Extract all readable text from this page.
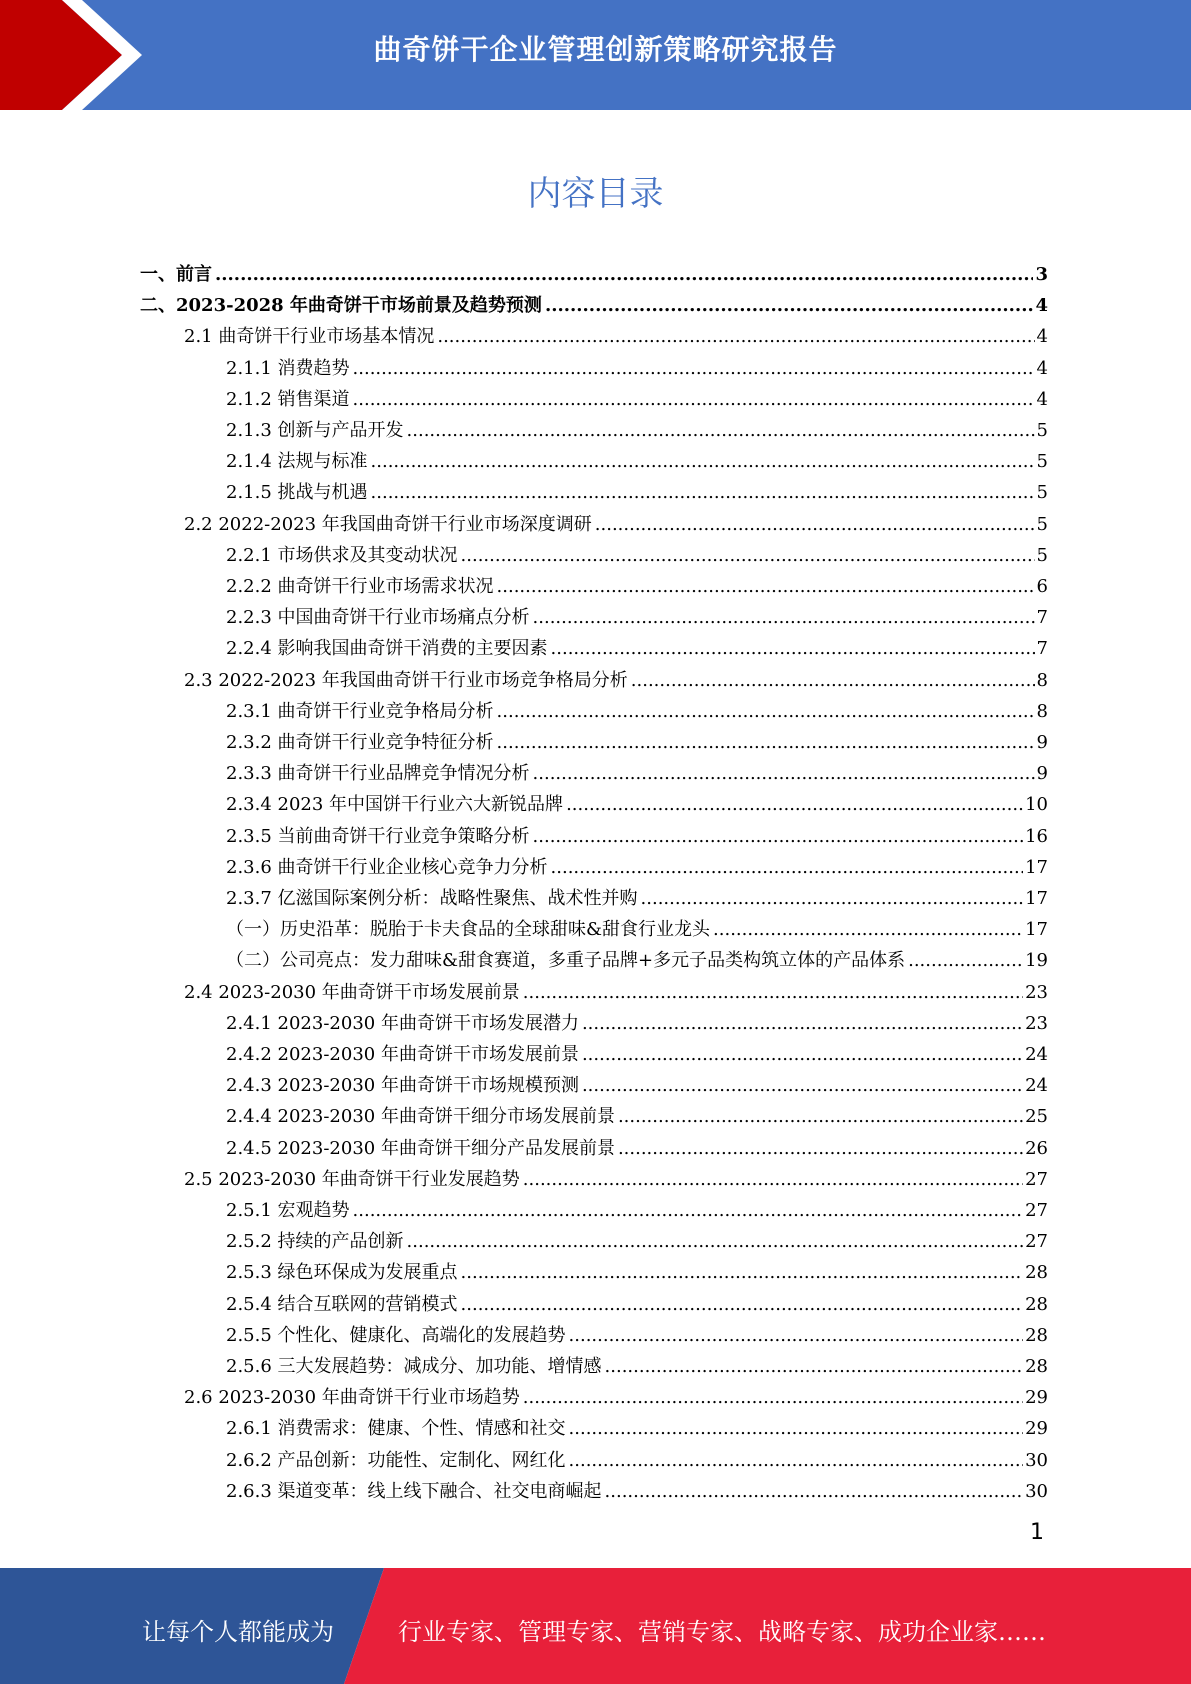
曲奇饼干企业管理创新策略研究报告
内容目录
一、前言 .....	3
二、2023-2028 年曲奇饼干市场前景及趋势预测 .....	4
2.1 曲奇饼干行业市场基本情况 .....	4
2.1.1 消费趋势 .....	4
2.1.2 销售渠道 .....	4
2.1.3 创新与产品开发 .....	5
2.1.4 法规与标准 .....	5
2.1.5 挑战与机遇 .....	5
2.2 2022-2023 年我国曲奇饼干行业市场深度调研 .....	5
2.2.1 市场供求及其变动状况 .....	5
2.2.2 曲奇饼干行业市场需求状况 .....	6
2.2.3 中国曲奇饼干行业市场痛点分析 .....	7
2.2.4 影响我国曲奇饼干消费的主要因素 .....	7
2.3 2022-2023 年我国曲奇饼干行业市场竞争格局分析 .....	8
2.3.1 曲奇饼干行业竞争格局分析 .....	8
2.3.2 曲奇饼干行业竞争特征分析 .....	9
2.3.3 曲奇饼干行业品牌竞争情况分析 .....	9
2.3.4 2023 年中国饼干行业六大新锐品牌 .....	10
2.3.5 当前曲奇饼干行业竞争策略分析 .....	16
2.3.6 曲奇饼干行业企业核心竞争力分析 .....	17
2.3.7 亿滋国际案例分析：战略性聚焦、战术性并购 .....	17
（一）历史沿革：脱胎于卡夫食品的全球甜味&甜食行业龙头 .....	17
（二）公司亮点：发力甜味&甜食赛道，多重子品牌+多元子品类构筑立体的产品体系 .....	19
2.4 2023-2030 年曲奇饼干市场发展前景 .....	23
2.4.1 2023-2030 年曲奇饼干市场发展潜力 .....	23
2.4.2 2023-2030 年曲奇饼干市场发展前景 .....	24
2.4.3 2023-2030 年曲奇饼干市场规模预测 .....	24
2.4.4 2023-2030 年曲奇饼干细分市场发展前景 .....	25
2.4.5 2023-2030 年曲奇饼干细分产品发展前景 .....	26
2.5 2023-2030 年曲奇饼干行业发展趋势 .....	27
2.5.1 宏观趋势 .....	27
2.5.2 持续的产品创新 .....	27
2.5.3 绿色环保成为发展重点 .....	28
2.5.4 结合互联网的营销模式 .....	28
2.5.5 个性化、健康化、高端化的发展趋势 .....	28
2.5.6 三大发展趋势：减成分、加功能、增情感 .....	28
2.6 2023-2030 年曲奇饼干行业市场趋势 .....	29
2.6.1 消费需求：健康、个性、情感和社交 .....	29
2.6.2 产品创新：功能性、定制化、网红化 .....	30
2.6.3 渠道变革：线上线下融合、社交电商崛起 .....	30
1
让每个人都能成为	行业专家、管理专家、营销专家、战略专家、成功企业家……
